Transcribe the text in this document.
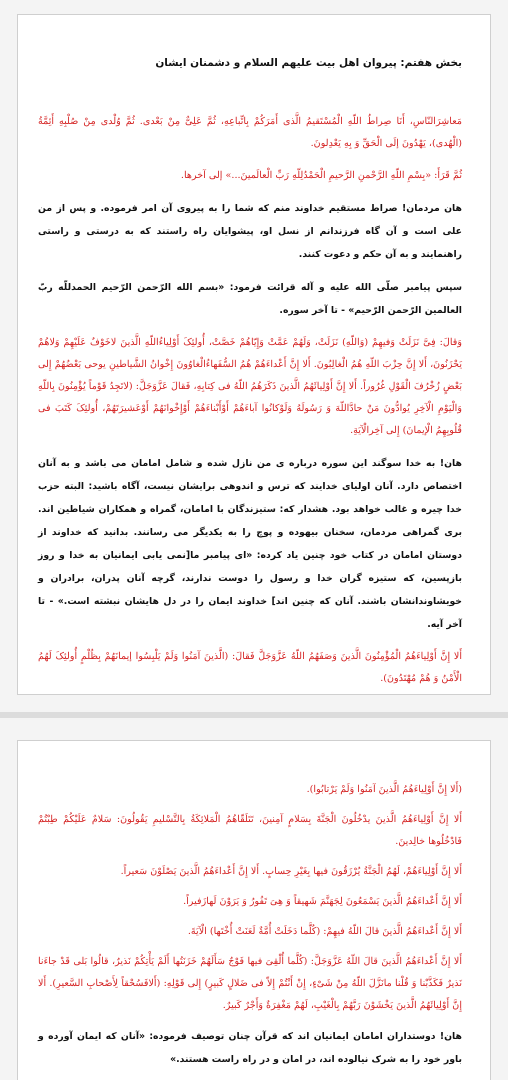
بخش هفتم: پیروان اهل بیت علیهم السلام و دشمنان ایشان

مَعاشِرَالنّاسِ، أَنَا صِراطُ اللّهِ الْمُسْتَقیمُ الَّذی أَمَرَکُمْ بِاتِّباعِهِ، ثُمَّ عَلِیٌّ مِنْ بَعْدی. ثُمَّ وُلْدی مِنْ صُلْبِهِ أَئِمَّةُ (الْهُدی)، یَهْدُونَ إلَی الْحَقِّ وَ بِهِ یَعْدِلونَ.

ثُمَّ قَرَأَ: «بِسْمِ اللّهِ الرَّحْمنِ الرَّحیمِ الْحَمْدُلِلّهِ رَبِّ الْعالَمینَ...» إلی آخرها.

هان مردمان! صراط مستقیم خداوند منم که شما را به پیروی آن امر فرموده. و پس از من علی است و آن گاه فرزندانم از نسل او، پیشوایان راه راستند که به درستی و راستی راهنمایند و به آن حکم و دعوت کنند.

سپس پیامبر صلّی الله علیه و آله قرائت فرمود: «بسم الله الرّحمن الرّحیم الحمدللّه ربّ العالمین الرّحمن الرّحیم» - تا آخر سوره.

وَقالَ: فِیَّ نَزَلَتْ وَفیهِمْ (وَاللّهِ) نَزَلَتْ، وَلَهُمْ عَمَّتْ وَإِیّاهُمْ خَصَّتْ، أُولئِکَ أَوْلِیاءُاللّهِ الَّذینَ لاخَوْفٌ عَلَیْهِمْ وَلاهُمْ یَحْزَنُونَ، أَلا إِنَّ حِزْبَ اللّهِ هُمُ الْغالِبُونَ. أَلا إِنَّ أَعْداءَهُمْ هُمُ السُّفَهاءُالْغاوُونَ إِخْوانُ الشَّیاطینِ یوحی بَعْضُهُمْ إِلی بَعْضٍ زُخْرُفَ الْقَوْلِ غُرُوراً. أَلا إِنَّ أَوْلِیائَهُمُ الَّذینَ ذَکَرَهُمُ اللّهُ فی کِتابِهِ، فَقالَ عَزَّوَجَلَّ: (لاتَجِدُ قَوْماً یُؤْمِنُونَ بِاللّهِ وَالْیَوْمِ الْآخِرِ یُوادُّونَ مَنْ حادَّاللّهَ وَ رَسُولَهُ وَلَوْکانُوا آباءَهُمْ أَوْأَبْناءَهُمْ أَوْإِخْوانَهُمْ أَوْعَشیرَتَهُمْ، أُولئِکَ کَتَبَ فی قُلُوبِهِمُ الْإیمانَ) إِلی آخِرالْآیَةِ.

هان! به خدا سوگند این سوره درباره ی من نازل شده و شامل امامان می باشد و به آنان اختصاص دارد. آنان اولیای خدایند که ترس و اندوهی برایشان نیست، آگاه باشید: البته حزب خدا چیره و غالب خواهد بود. هشدار که: ستیزندگان با امامان، گمراه و همکاران شیاطین اند. بری گمراهی مردمان، سخنان بیهوده و پوچ را به یکدیگر می رسانند. بدانید که خداوند از دوستان امامان در کتاب خود چنین یاد کرده: «ای پیامبر ما[نمی یابی ایمانیان به خدا و روز بازپسین، که ستیزه گران خدا و رسول را دوست ندارند، گرچه آنان پدران، برادران و خویشاوندانشان باشند. آنان که چنین اند] خداوند ایمان را در دل هایشان نبشته است.» - تا آخر آیه.

أَلا إِنَّ أَوْلِیاءَهُمُ الْمُؤْمِنُونَ الَّذینَ وَصَفَهُمُ اللّهُ عَزَّوَجَلَّ فَقالَ: (الَّذینَ آمَنُوا وَلَمْ یَلْبِسُوا إیمانَهُمْ بِظُلْمٍ أُولئِکَ لَهُمُ الْأَمْنُ وَ هُمْ مُهْتَدُونَ).

(أَلا إِنَّ أَوْلِیاءَهُمُ الَّذینَ آمَنُوا وَلَمْ یَرْتابُوا).

أَلا إِنَّ أَوْلِیاءَهُمُ الَّذینَ یدْخُلُونَ الْجَنَّةَ بِسَلامٍ آمِنینَ، تَتَلَقّاهُمُ الْمَلائِکَةُ بِالتَّسْلیمِ یَقُولُونَ: سَلامٌ عَلَیْکُمْ طِبْتُمْ فَادْخُلُوها خالِدینَ.

أَلا إِنَّ أَوْلِیاءَهُمْ، لَهُمُ الْجَنَّةُ یُرْزَقُونَ فیها بِغَیْرِ حِسابٍ. أَلا إِنَّ أَعْداءَهُمُ الَّذینَ یَصْلَوْنَ سَعیراً.

أَلا إِنَّ أَعْداءَهُمُ الَّذینَ یَسْمَعُونَ لِجَهَنَّمَ شَهیقاً وَ هِیَ تَفُورُ وَ یَرَوْنَ لَهازَفیراً.

أَلا إِنَّ أَعْداءَهُمُ الَّذینَ قالَ اللّهُ فیهِمْ: (کُلَّما دَخَلَتْ أُمَّةٌ لَعَنَتْ أُخْتَها) الْآیَةَ.

أَلا إِنَّ أَعْداءَهُمُ الَّذینَ قالَ اللّهُ عَزَّوَجَلَّ: (کُلَّما أُلْقِیَ فیها فَوْجٌ سَأَلَهُمْ خَزَنَتُها أَلَمْ یَأْتِکُمْ نَذیرٌ، قالُوا بَلی قَدْ جاءَنا نَذیرٌ فَکَذَّبْنا وَ قُلْنا مانَزَّلَ اللّهُ مِنْ شَیْءٍ، إِنْ أَنْتُمْ إِلاّ فی ضَلالٍ کَبیرٍ) إِلی قَوْلِهِ: (أَلافَسُحْقاً لِأَصْحابِ السَّعیرِ). أَلا إِنَّ أَوْلِیائَهُمُ الَّذینَ یَخْشَوْنَ رَبَّهُمْ بِالْغَیْبِ، لَهُمْ مَغْفِرَةٌ وَأَجْرٌ کَبیرٌ.

هان! دوستداران امامان ایمانیان اند که قرآن چنان توصیف فرموده: «آنان که ایمان آورده و باور خود را به شرک نیالوده اند، در امان و در راه راست هستند.»
